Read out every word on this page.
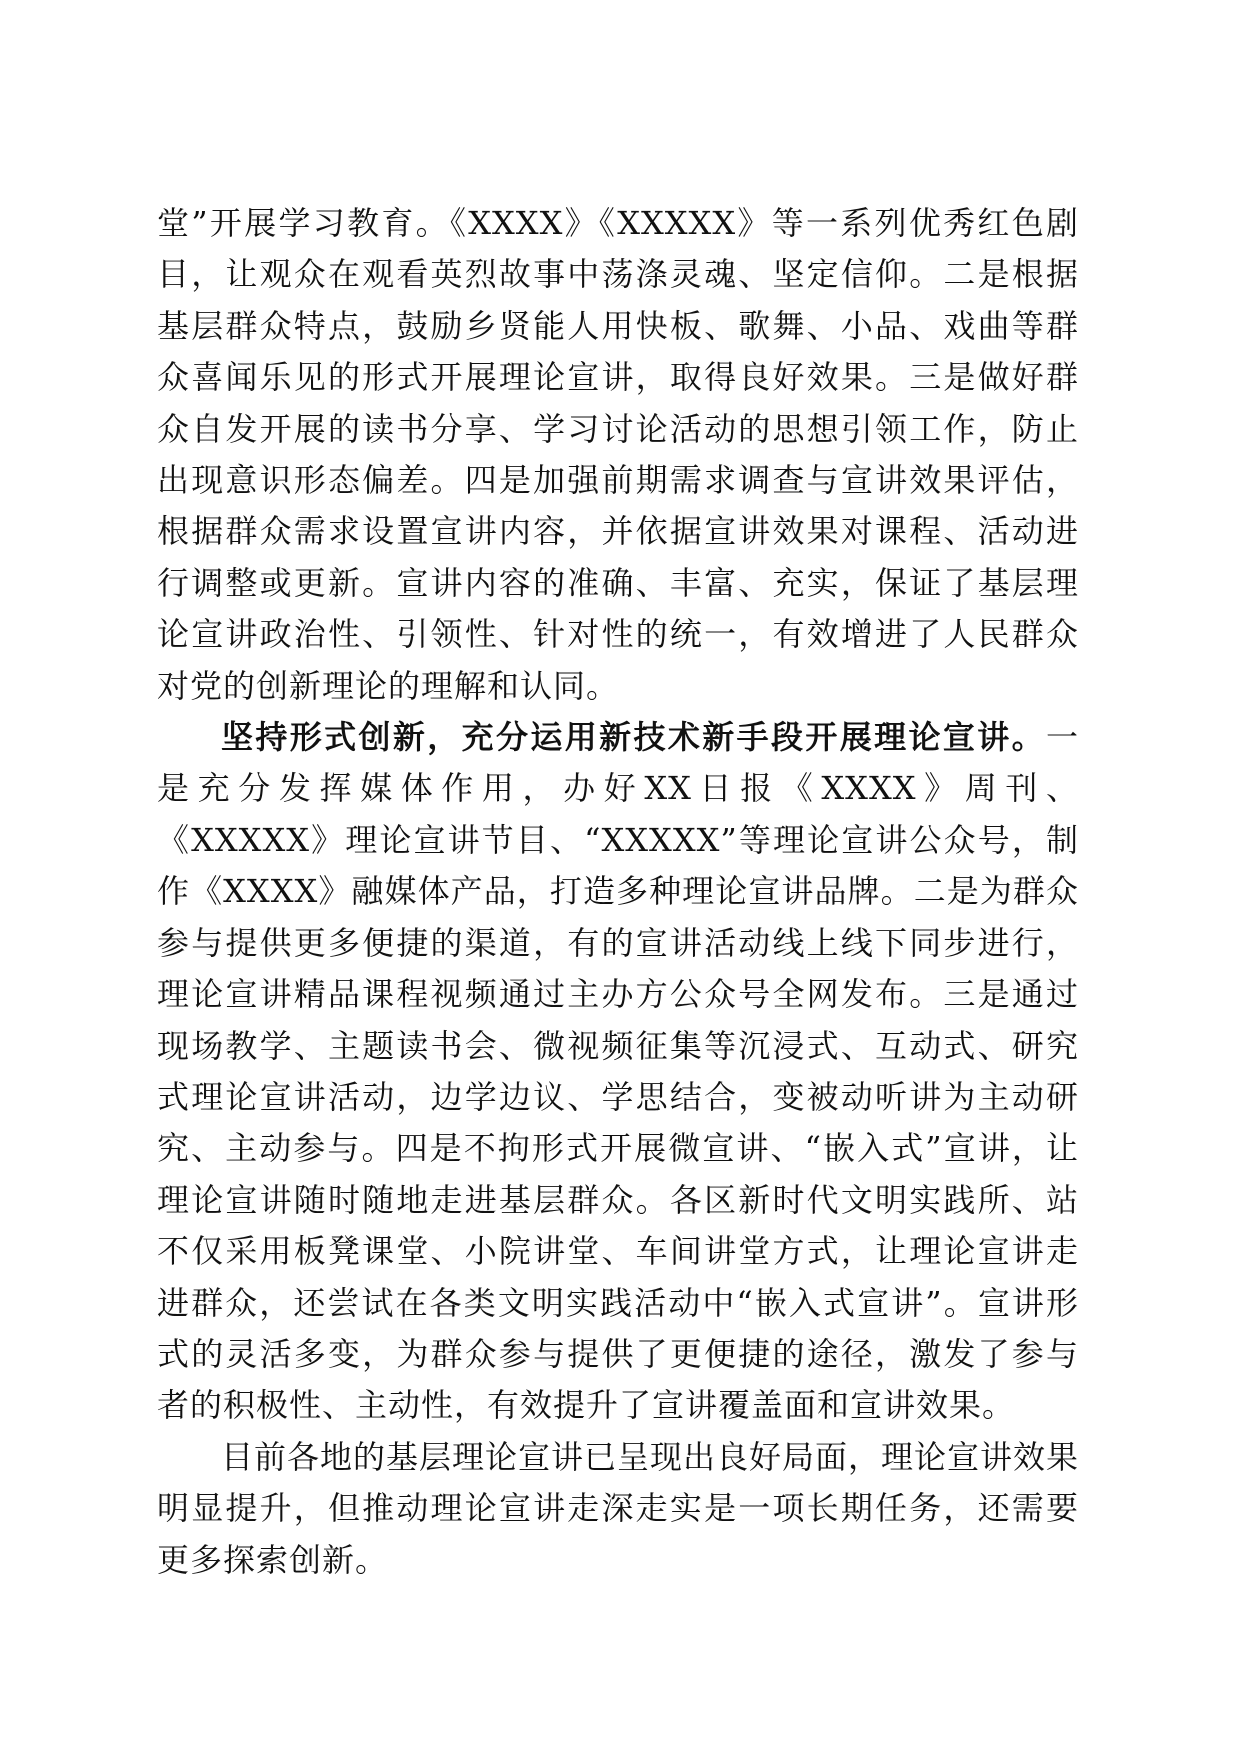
堂”开展学习教育。《XXXX》《XXXXX》等一系列优秀红色剧目，让观众在观看英烈故事中荡涤灵魂、坚定信仰。二是根据基层群众特点，鼓励乡贤能人用快板、歌舞、小品、戏曲等群众喜闻乐见的形式开展理论宣讲，取得良好效果。三是做好群众自发开展的读书分享、学习讨论活动的思想引领工作，防止出现意识形态偏差。四是加强前期需求调查与宣讲效果评估，根据群众需求设置宣讲内容，并依据宣讲效果对课程、活动进行调整或更新。宣讲内容的准确、丰富、充实，保证了基层理论宣讲政治性、引领性、针对性的统一，有效增进了人民群众对党的创新理论的理解和认同。

坚持形式创新，充分运用新技术新手段开展理论宣讲。一是充分发挥媒体作用，办好XX日报《XXXX》周刊、《XXXXX》理论宣讲节目、“XXXXX”等理论宣讲公众号，制作《XXXX》融媒体产品，打造多种理论宣讲品牌。二是为群众参与提供更多便捷的渠道，有的宣讲活动线上线下同步进行，理论宣讲精品课程视频通过主办方公众号全网发布。三是通过现场教学、主题读书会、微视频征集等沉浸式、互动式、研究式理论宣讲活动，边学边议、学思结合，变被动听讲为主动研究、主动参与。四是不拘形式开展微宣讲、“嵌入式”宣讲，让理论宣讲随时随地走进基层群众。各区新时代文明实践所、站不仅采用板凳课堂、小院讲堂、车间讲堂方式，让理论宣讲走进群众，还尝试在各类文明实践活动中“嵌入式宣讲”。宣讲形式的灵活多变，为群众参与提供了更便捷的途径，激发了参与者的积极性、主动性，有效提升了宣讲覆盖面和宣讲效果。

目前各地的基层理论宣讲已呈现出良好局面，理论宣讲效果明显提升，但推动理论宣讲走深走实是一项长期任务，还需要更多探索创新。
